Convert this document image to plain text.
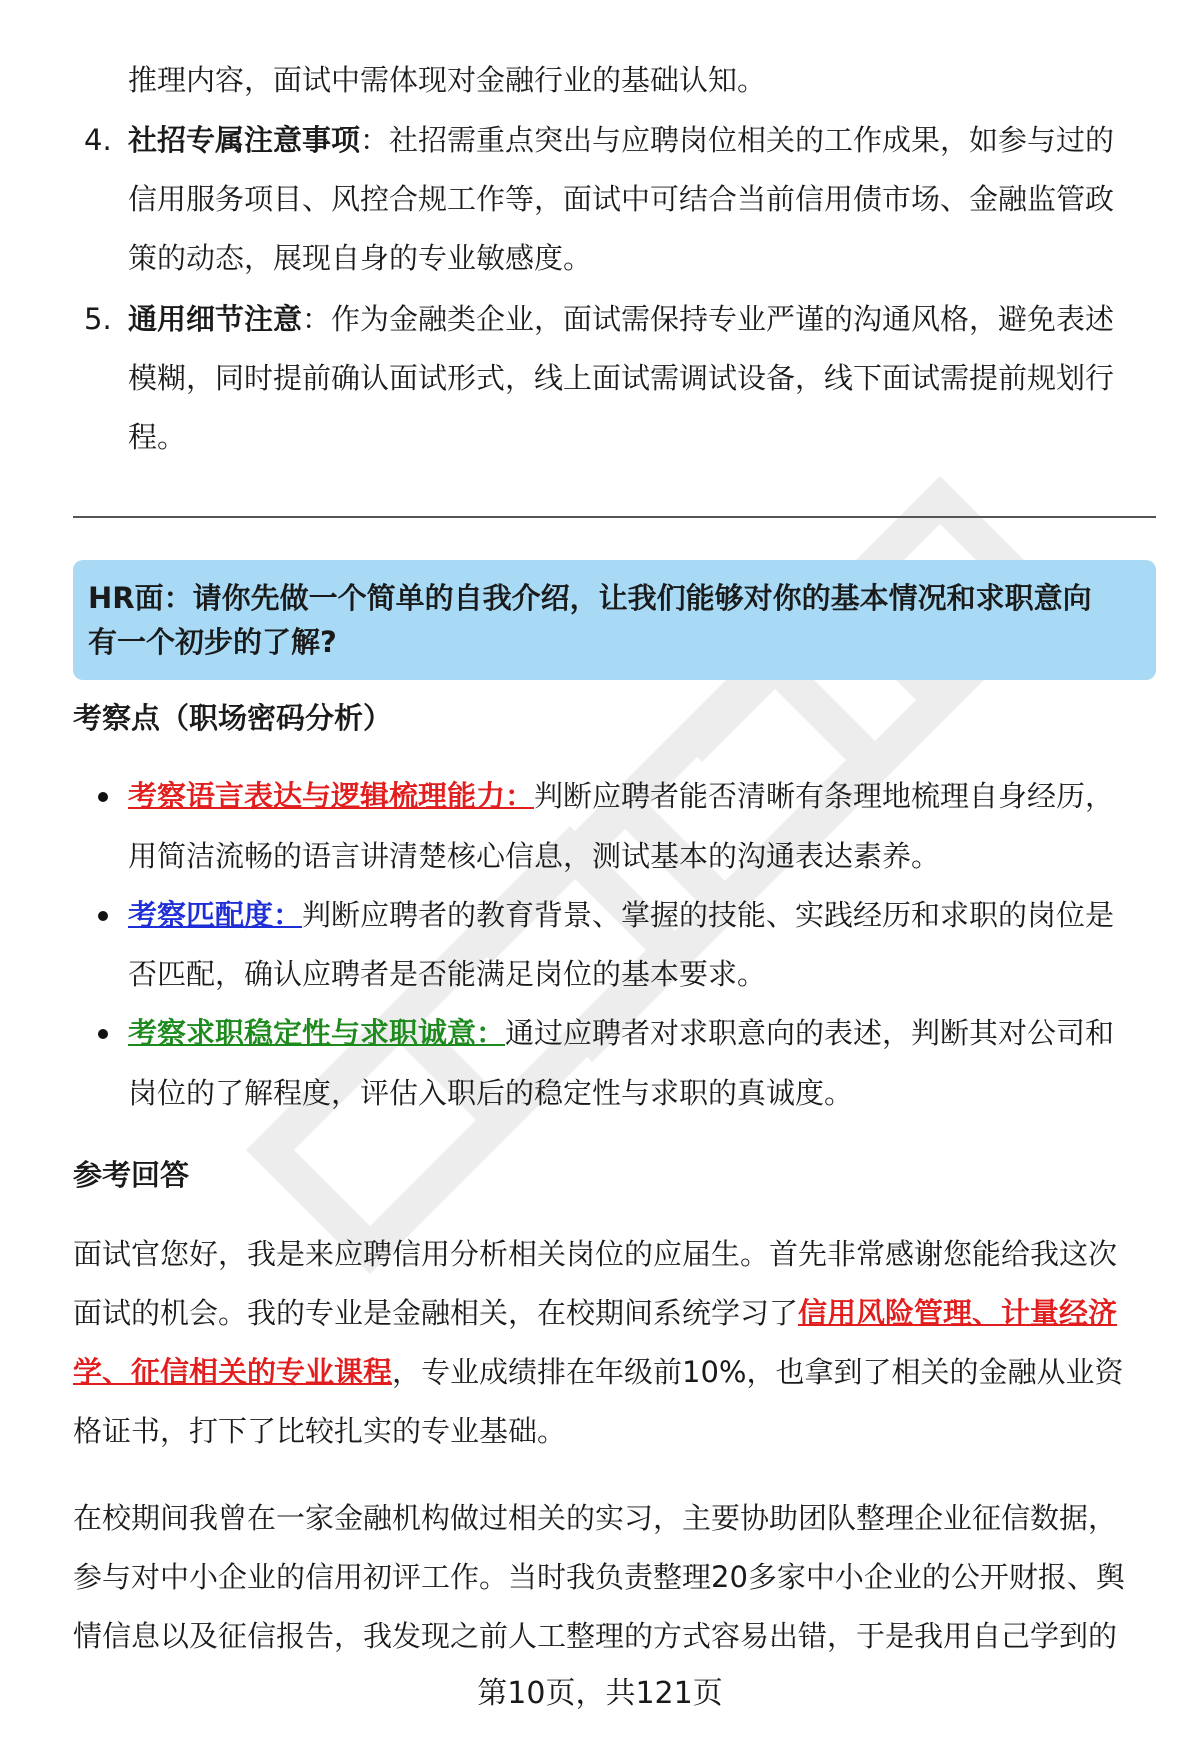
推理内容，面试中需体现对金融行业的基础认知。
4. 社招专属注意事项：社招需重点突出与应聘岗位相关的工作成果，如参与过的
信用服务项目、风控合规工作等，面试中可结合当前信用债市场、金融监管政
策的动态，展现自身的专业敏感度。
5. 通用细节注意：作为金融类企业，面试需保持专业严谨的沟通风格，避免表述
模糊，同时提前确认面试形式，线上面试需调试设备，线下面试需提前规划行
程。
HR面：请你先做一个简单的自我介绍，让我们能够对你的基本情况和求职意向
有一个初步的了解?
考察点（职场密码分析）
考察语言表达与逻辑梳理能力：判断应聘者能否清晰有条理地梳理自身经历，
用简洁流畅的语言讲清楚核心信息，测试基本的沟通表达素养。
考察匹配度：判断应聘者的教育背景、掌握的技能、实践经历和求职的岗位是
否匹配，确认应聘者是否能满足岗位的基本要求。
考察求职稳定性与求职诚意：通过应聘者对求职意向的表述，判断其对公司和
岗位的了解程度，评估入职后的稳定性与求职的真诚度。
参考回答
面试官您好，我是来应聘信用分析相关岗位的应届生。首先非常感谢您能给我这次
面试的机会。我的专业是金融相关，在校期间系统学习了信用风险管理、计量经济
学、征信相关的专业课程，专业成绩排在年级前10%，也拿到了相关的金融从业资
格证书，打下了比较扎实的专业基础。
在校期间我曾在一家金融机构做过相关的实习，主要协助团队整理企业征信数据，
参与对中小企业的信用初评工作。当时我负责整理20多家中小企业的公开财报、舆
情信息以及征信报告，我发现之前人工整理的方式容易出错，于是我用自己学到的
第10页，共121页
